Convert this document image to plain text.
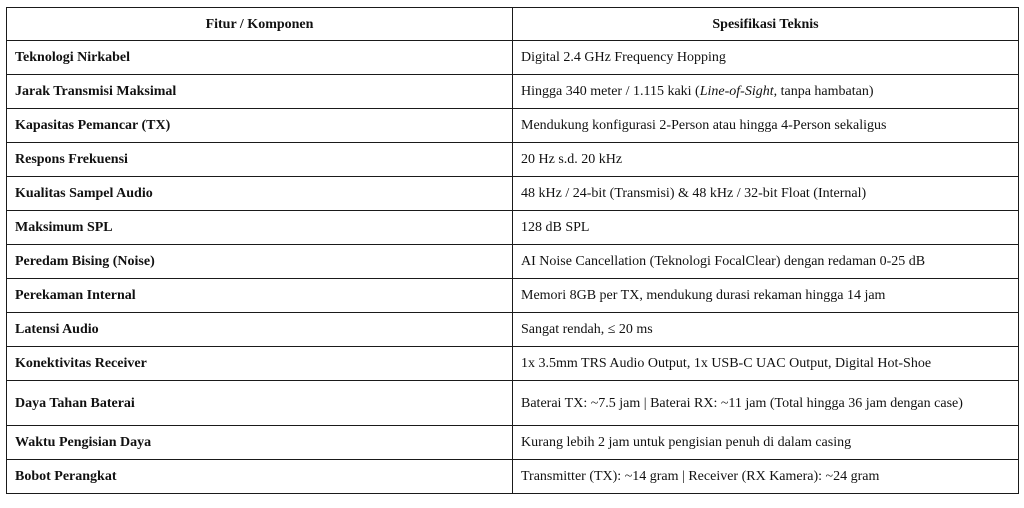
Fitur / Komponen	Spesifikasi Teknis
Teknologi Nirkabel	Digital 2.4 GHz Frequency Hopping
Jarak Transmisi Maksimal	Hingga 340 meter / 1.115 kaki (Line-of-Sight, tanpa hambatan)
Kapasitas Pemancar (TX)	Mendukung konfigurasi 2-Person atau hingga 4-Person sekaligus
Respons Frekuensi	20 Hz s.d. 20 kHz
Kualitas Sampel Audio	48 kHz / 24-bit (Transmisi) & 48 kHz / 32-bit Float (Internal)
Maksimum SPL	128 dB SPL
Peredam Bising (Noise)	AI Noise Cancellation (Teknologi FocalClear) dengan redaman 0-25 dB
Perekaman Internal	Memori 8GB per TX, mendukung durasi rekaman hingga 14 jam
Latensi Audio	Sangat rendah, ≤ 20 ms
Konektivitas Receiver	1x 3.5mm TRS Audio Output, 1x USB-C UAC Output, Digital Hot-Shoe
Daya Tahan Baterai	Baterai TX: ~7.5 jam | Baterai RX: ~11 jam (Total hingga 36 jam dengan case)
Waktu Pengisian Daya	Kurang lebih 2 jam untuk pengisian penuh di dalam casing
Bobot Perangkat	Transmitter (TX): ~14 gram | Receiver (RX Kamera): ~24 gram
